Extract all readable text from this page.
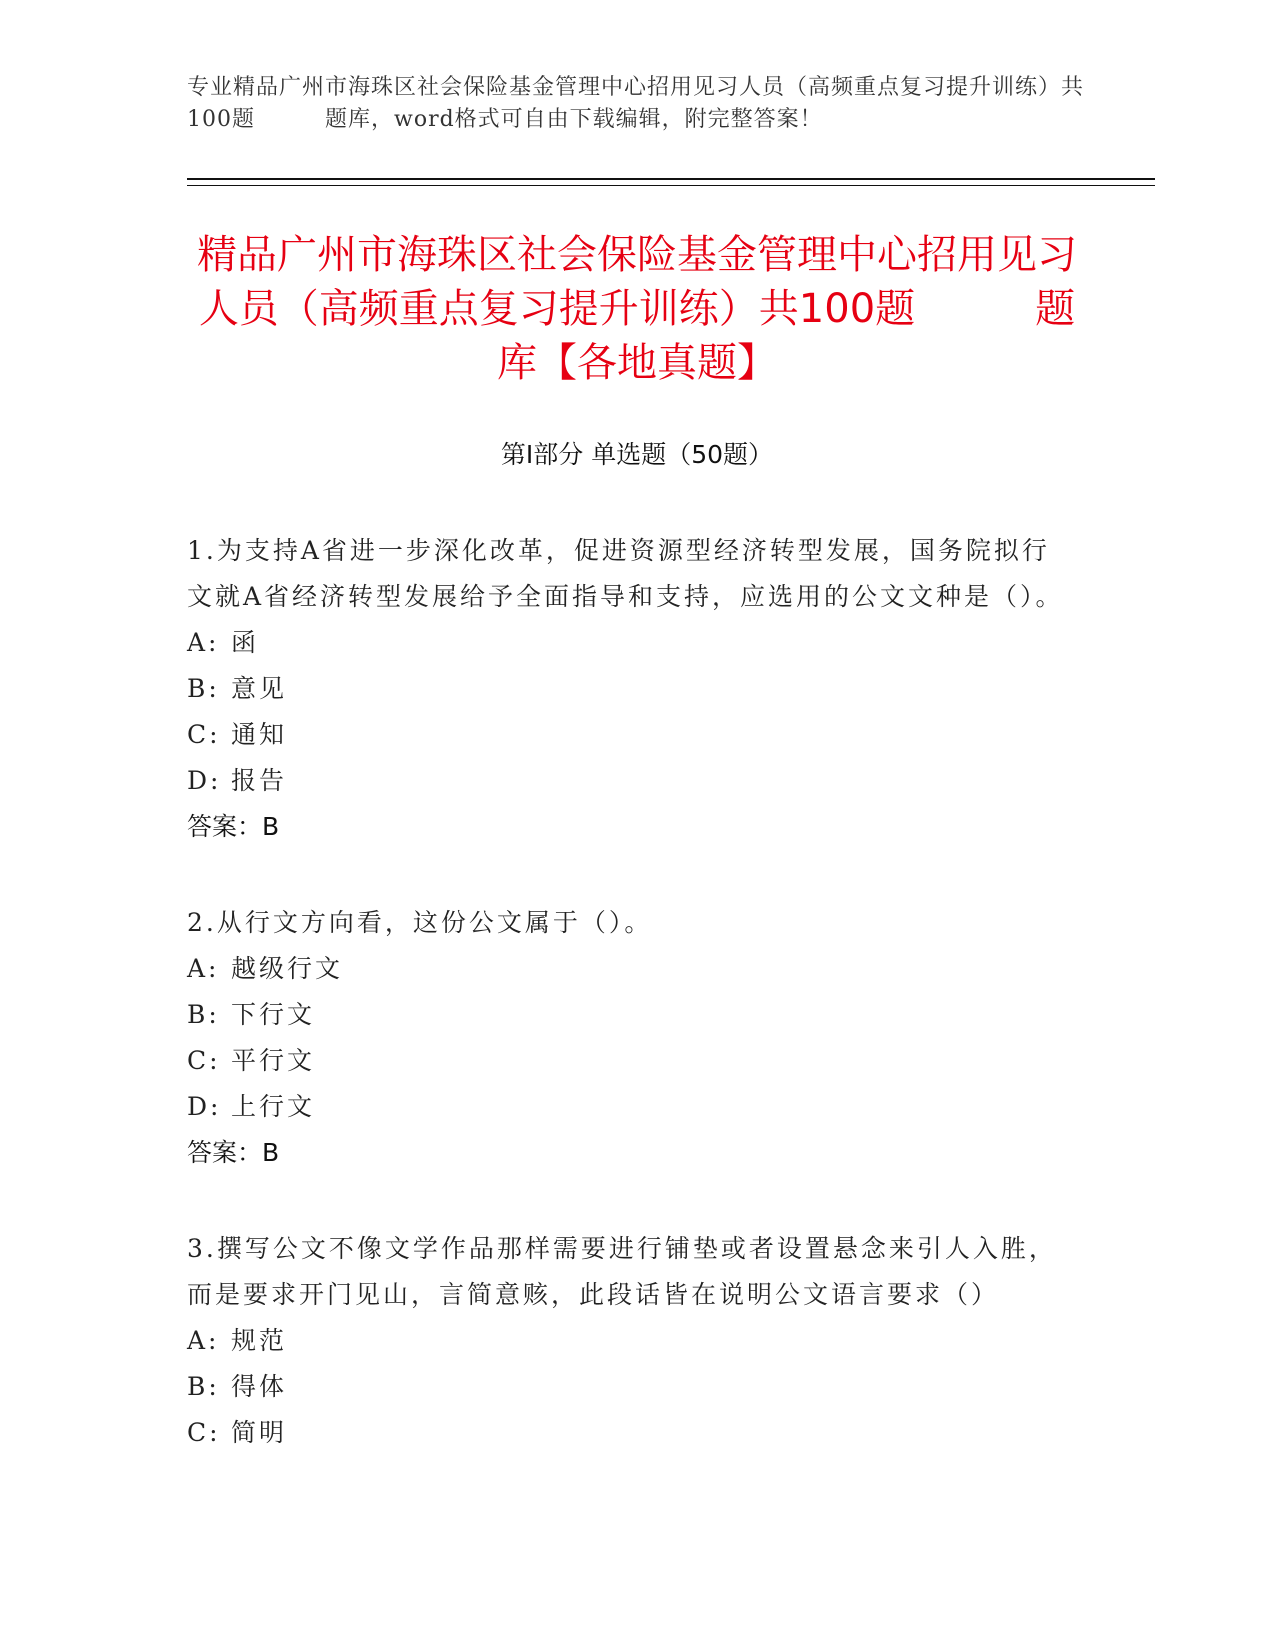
专业精品广州市海珠区社会保险基金管理中心招用见习人员（高频重点复习提升训练）共100题	题库，word格式可自由下载编辑，附完整答案！
精品广州市海珠区社会保险基金管理中心招用见习人员（高频重点复习提升训练）共100题	题库【各地真题】
第Ⅰ部分 单选题（50题）
1.为支持A省进一步深化改革，促进资源型经济转型发展，国务院拟行文就A省经济转型发展给予全面指导和支持，应选用的公文文种是（）。
A: 函
B: 意见
C: 通知
D: 报告
答案：B
2.从行文方向看，这份公文属于（）。
A: 越级行文
B: 下行文
C: 平行文
D: 上行文
答案：B
3.撰写公文不像文学作品那样需要进行铺垫或者设置悬念来引人入胜，而是要求开门见山，言简意赅，此段话皆在说明公文语言要求（）
A: 规范
B: 得体
C: 简明
